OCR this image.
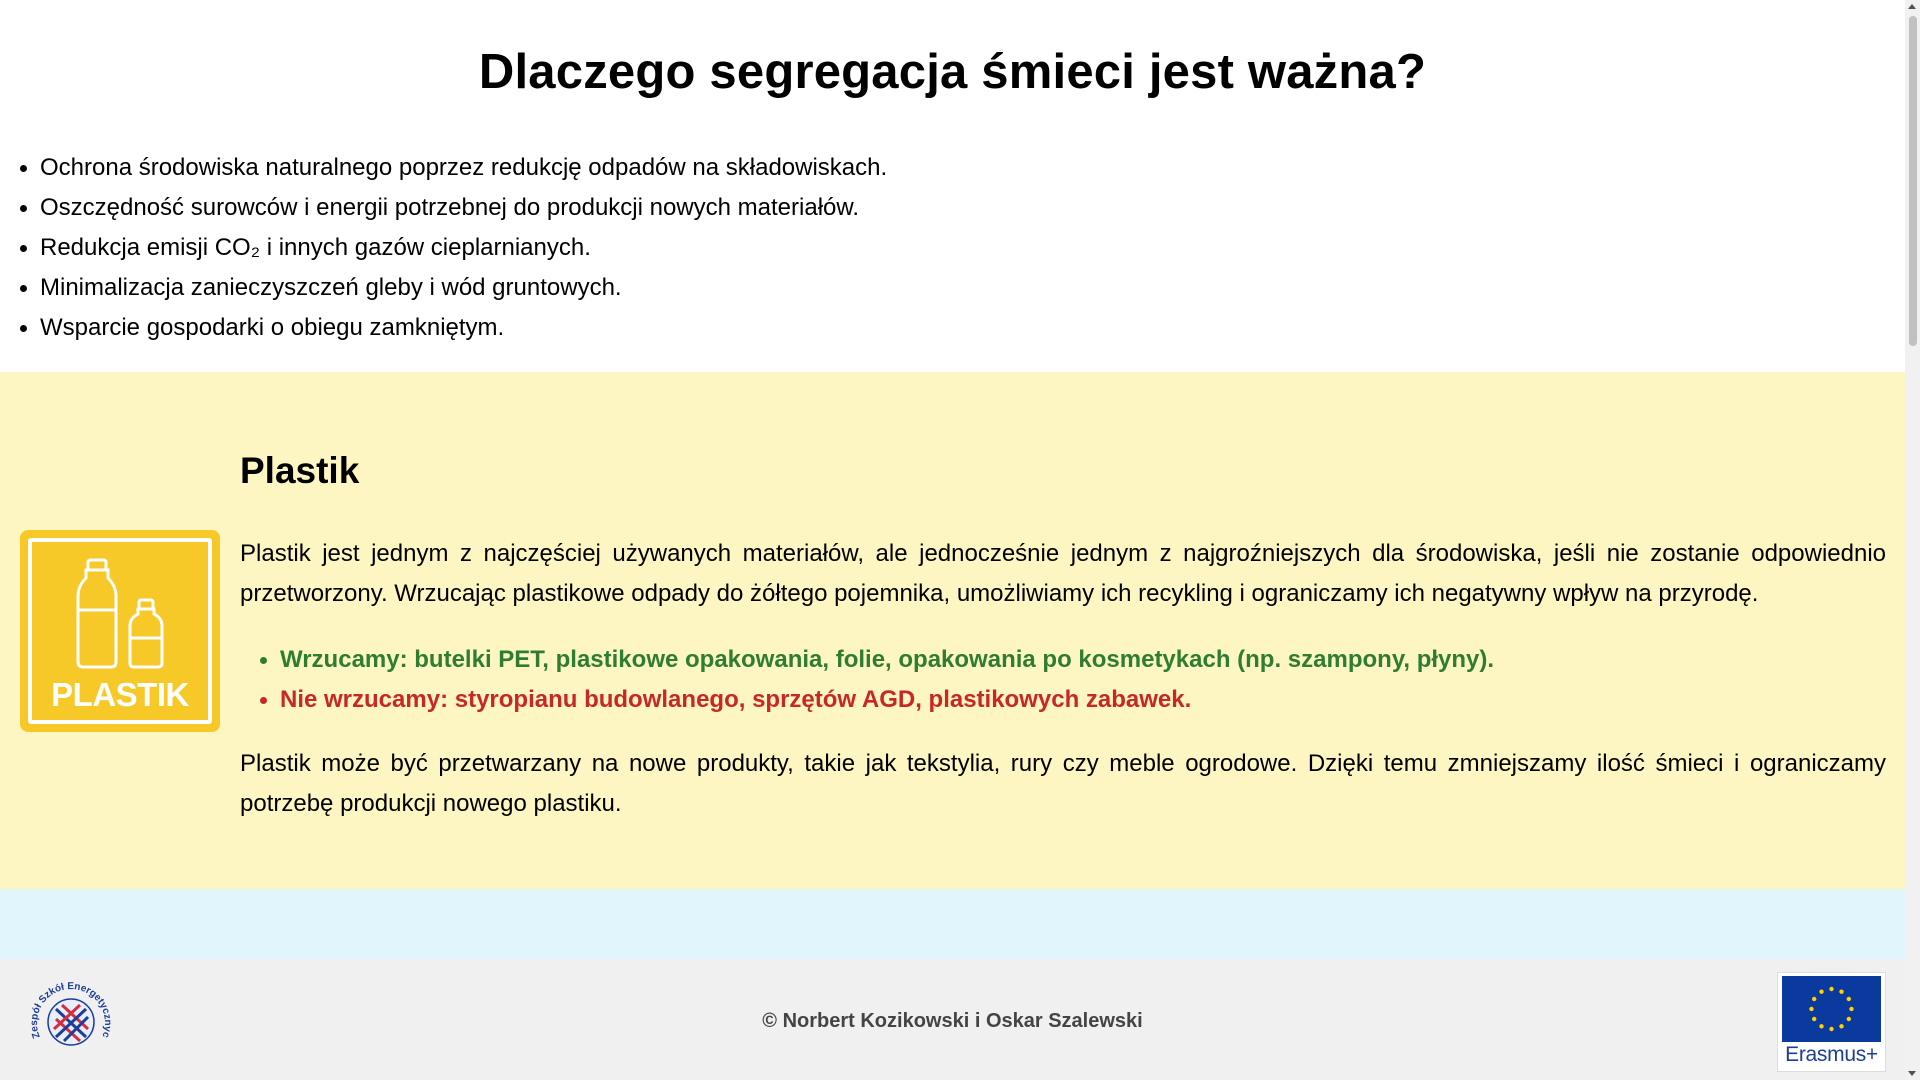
Dlaczego segregacja śmieci jest ważna?
Ochrona środowiska naturalnego poprzez redukcję odpadów na składowiskach.
Oszczędność surowców i energii potrzebnej do produkcji nowych materiałów.
Redukcja emisji CO₂ i innych gazów cieplarnianych.
Minimalizacja zanieczyszczeń gleby i wód gruntowych.
Wsparcie gospodarki o obiegu zamkniętym.
PLASTIK
Plastik

Plastik jest jednym z najczęściej używanych materiałów, ale jednocześnie jednym z najgroźniejszych dla środowiska, jeśli nie zostanie odpowiednio przetworzony. Wrzucając plastikowe odpady do żółtego pojemnika, umożliwiamy ich recykling i ograniczamy ich negatywny wpływ na przyrodę.

Wrzucamy: butelki PET, plastikowe opakowania, folie, opakowania po kosmetykach (np. szampony, płyny).
Nie wrzucamy: styropianu budowlanego, sprzętów AGD, plastikowych zabawek.

Plastik może być przetwarzany na nowe produkty, takie jak tekstylia, rury czy meble ogrodowe. Dzięki temu zmniejszamy ilość śmieci i ograniczamy potrzebę produkcji nowego plastiku.

Zespół Szkół Energetycznyc
© Norbert Kozikowski i Oskar Szalewski
Erasmus+
